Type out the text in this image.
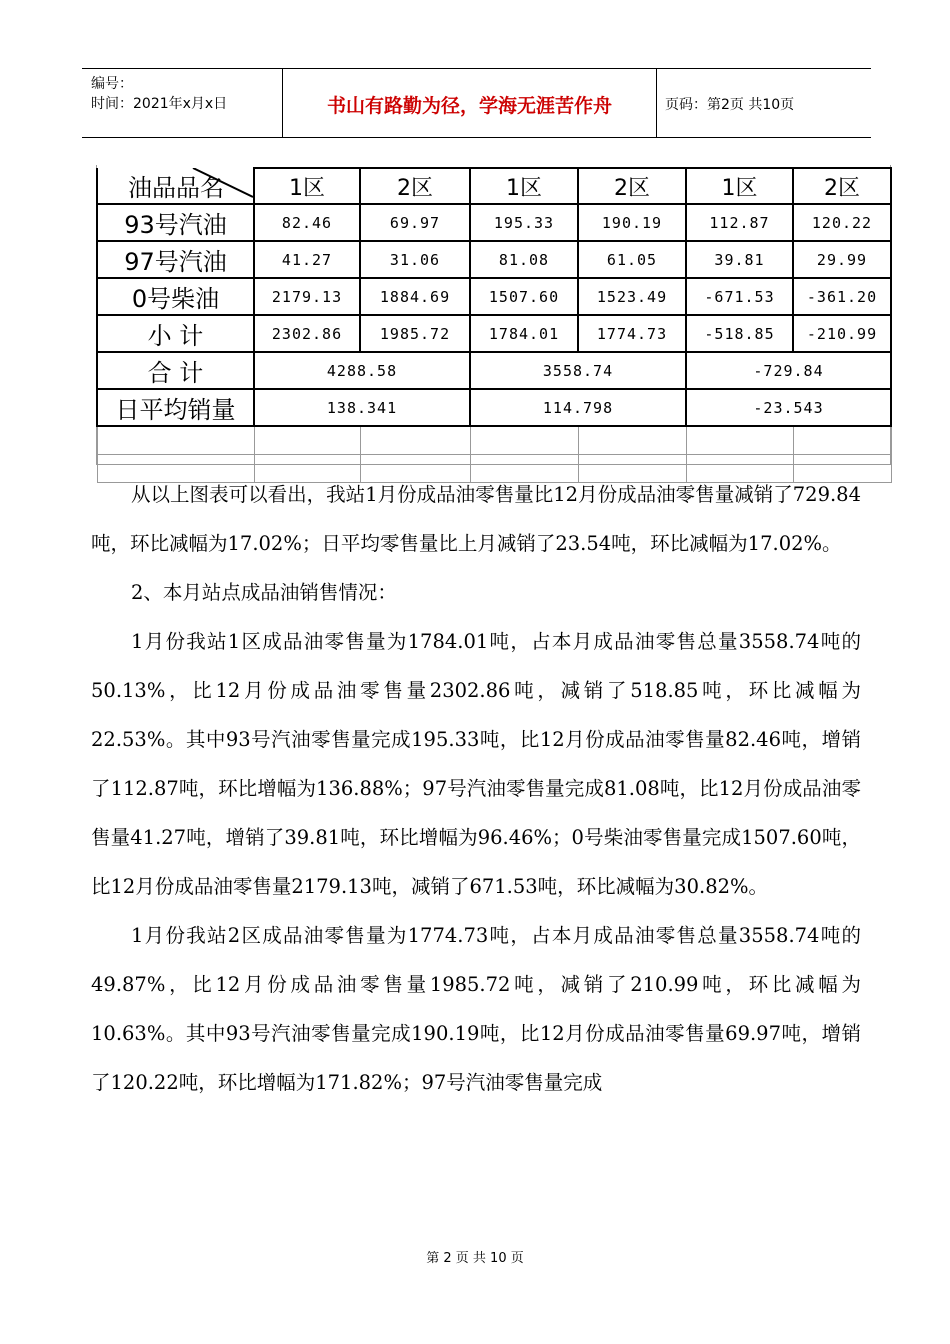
编号：
时间：2021年x月x日	书山有路勤为径，学海无涯苦作舟	页码：第2页 共10页
油品品名	1区	2区	1区	2区	1区	2区
93号汽油	82.46	69.97	195.33	190.19	112.87	120.22
97号汽油	41.27	31.06	81.08	61.05	39.81	29.99
0号柴油	2179.13	1884.69	1507.60	1523.49	-671.53	-361.20
小 计	2302.86	1985.72	1784.01	1774.73	-518.85	-210.99
合 计	4288.58		3558.74		-729.84	
日平均销量	138.341		114.798		-23.543	

从以上图表可以看出，我站1月份成品油零售量比12月份成品油零售量减销了729.84吨，环比减幅为17.02%；日平均零售量比上月减销了23.54吨，环比减幅为17.02%。

2、本月站点成品油销售情况：

1月份我站1区成品油零售量为1784.01吨，占本月成品油零售总量3558.74吨的50.13%，比12月份成品油零售量2302.86吨，减销了518.85吨，环比减幅为22.53%。其中93号汽油零售量完成195.33吨，比12月份成品油零售量82.46吨，增销了112.87吨，环比增幅为136.88%；97号汽油零售量完成81.08吨，比12月份成品油零售量41.27吨，增销了39.81吨，环比增幅为96.46%；0号柴油零售量完成1507.60吨，比12月份成品油零售量2179.13吨，减销了671.53吨，环比减幅为30.82%。

1月份我站2区成品油零售量为1774.73吨，占本月成品油零售总量3558.74吨的49.87%，比12月份成品油零售量1985.72吨，减销了210.99吨，环比减幅为10.63%。其中93号汽油零售量完成190.19吨，比12月份成品油零售量69.97吨，增销了120.22吨，环比增幅为171.82%；97号汽油零售量完成

第 2 页 共 10 页
